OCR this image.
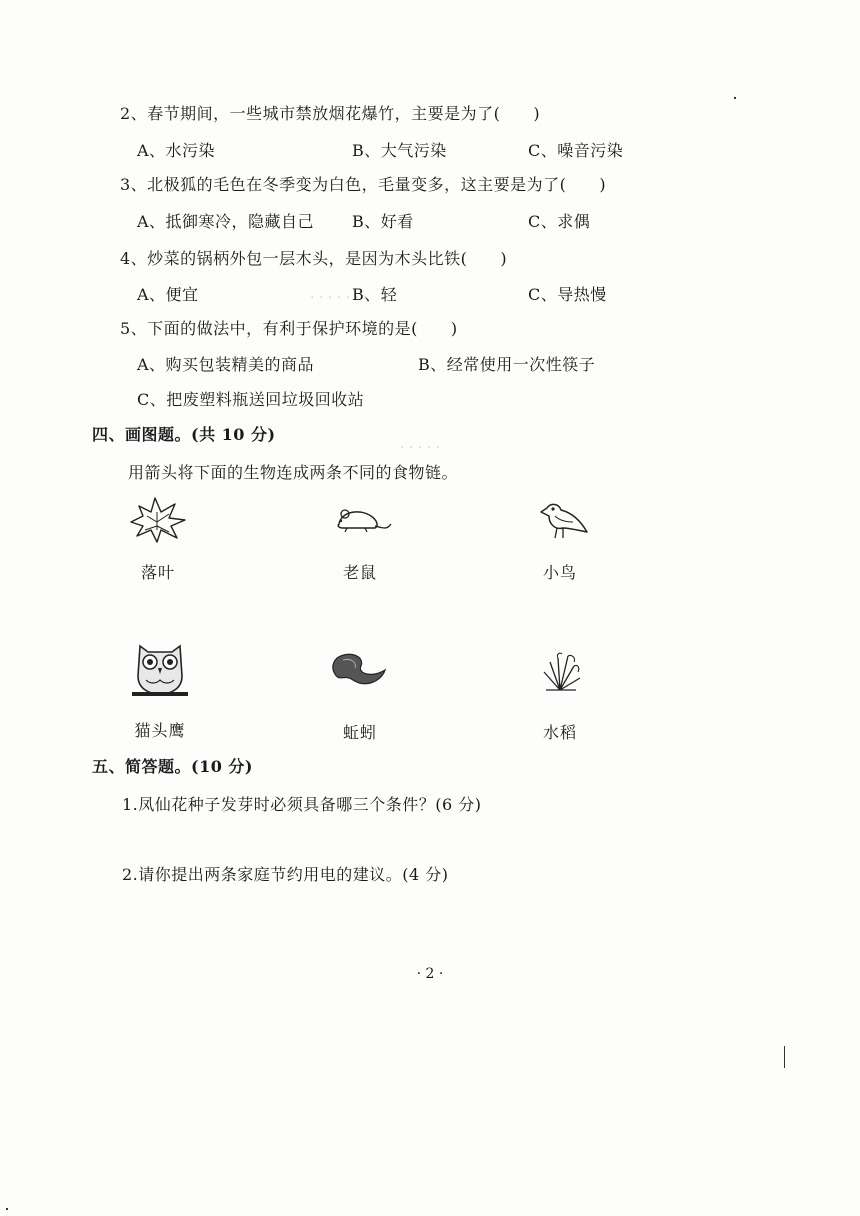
· · · · · · ·
· · · · ·
2、春节期间，一些城市禁放烟花爆竹，主要是为了(　　)
A、水污染	B、大气污染	C、噪音污染
3、北极狐的毛色在冬季变为白色，毛量变多，这主要是为了(　　)
A、抵御寒冷，隐藏自己 B、好看	C、求偶
4、炒菜的锅柄外包一层木头，是因为木头比铁(　　)
A、便宜	B、轻	C、导热慢
5、下面的做法中，有利于保护环境的是(　　)
A、购买包装精美的商品	B、经常使用一次性筷子
C、把废塑料瓶送回垃圾回收站
四、画图题。(共 10 分)
用箭头将下面的生物连成两条不同的食物链。
落叶	老鼠	小鸟
猫头鹰	蚯蚓	水稻
五、简答题。(10 分)
1.凤仙花种子发芽时必须具备哪三个条件？(6 分)
2.请你提出两条家庭节约用电的建议。(4 分)
· 2 ·
